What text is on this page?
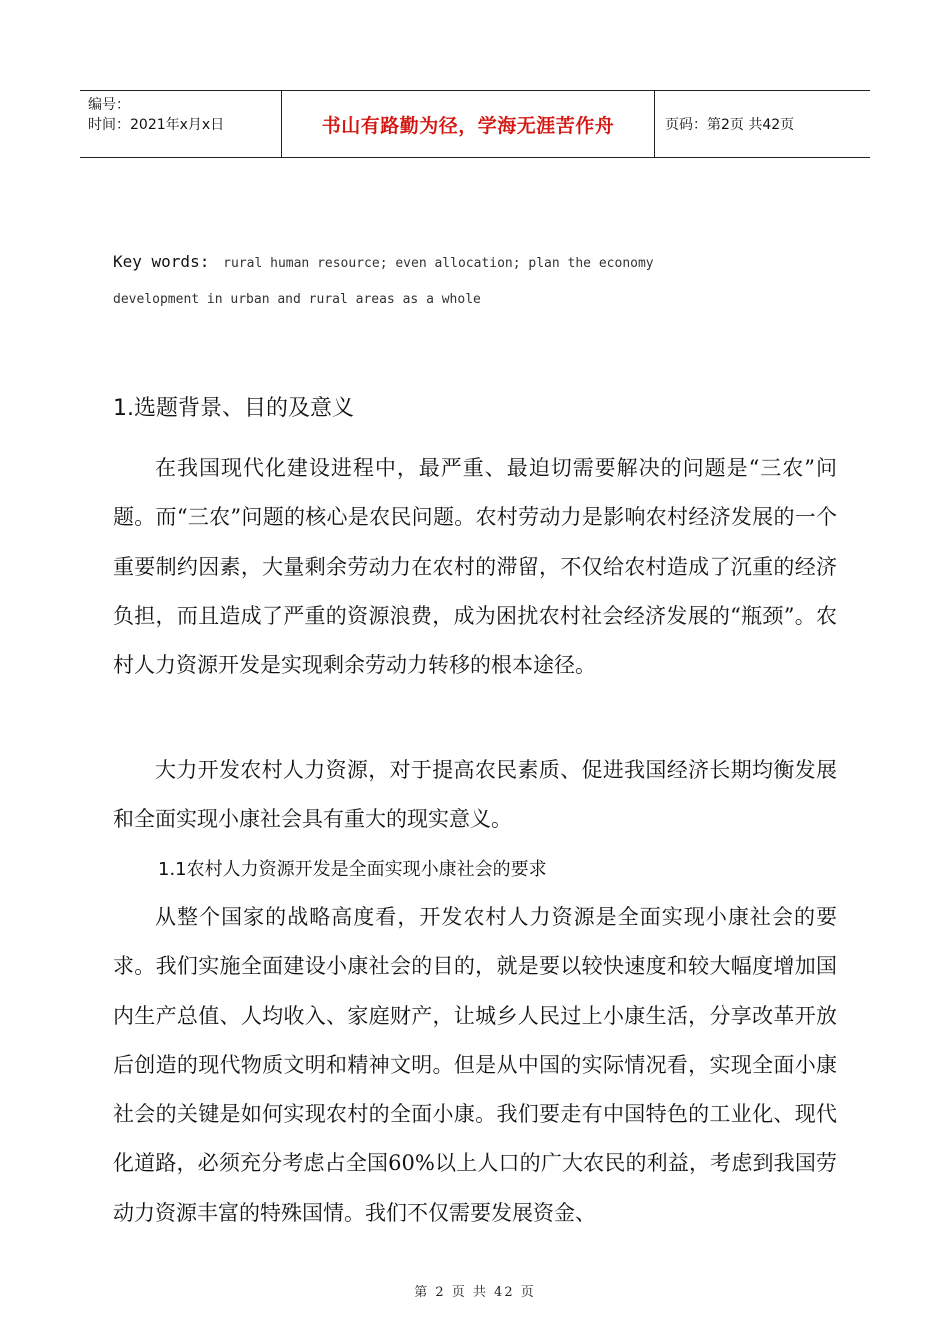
编号：
时间：2021年x月x日	书山有路勤为径，学海无涯苦作舟	页码：第2页 共42页
Key words: rural human resource; even allocation; plan the economy
development in urban and rural areas as a whole
1.选题背景、目的及意义

在我国现代化建设进程中，最严重、最迫切需要解决的问题是“三农”问题。而“三农”问题的核心是农民问题。农村劳动力是影响农村经济发展的一个重要制约因素，大量剩余劳动力在农村的滞留，不仅给农村造成了沉重的经济负担，而且造成了严重的资源浪费，成为困扰农村社会经济发展的“瓶颈”。农村人力资源开发是实现剩余劳动力转移的根本途径。

大力开发农村人力资源，对于提高农民素质、促进我国经济长期均衡发展和全面实现小康社会具有重大的现实意义。

1.1农村人力资源开发是全面实现小康社会的要求

从整个国家的战略高度看，开发农村人力资源是全面实现小康社会的要求。我们实施全面建设小康社会的目的，就是要以较快速度和较大幅度增加国内生产总值、人均收入、家庭财产，让城乡人民过上小康生活，分享改革开放后创造的现代物质文明和精神文明。但是从中国的实际情况看，实现全面小康社会的关键是如何实现农村的全面小康。我们要走有中国特色的工业化、现代化道路，必须充分考虑占全国60%以上人口的广大农民的利益，考虑到我国劳动力资源丰富的特殊国情。我们不仅需要发展资金、

第 2 页 共 42 页
